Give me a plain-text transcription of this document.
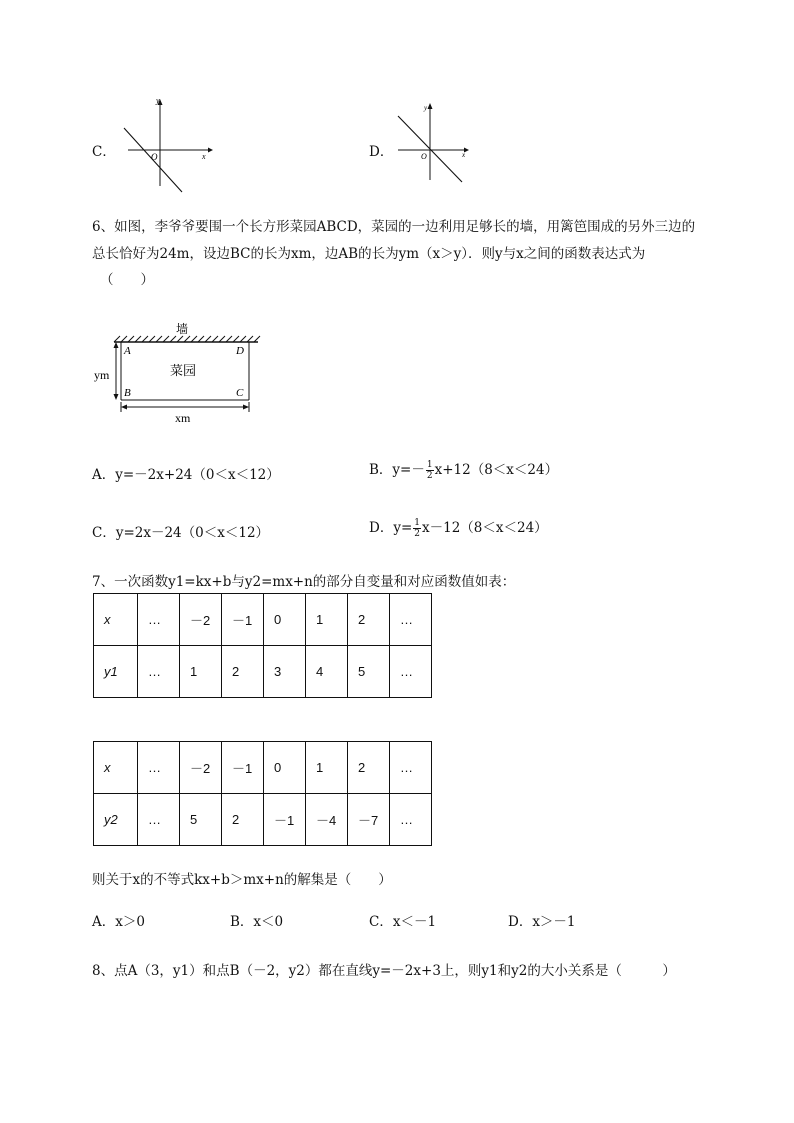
C．
y
x
O	D．
y
x
O
6、如图，李爷爷要围一个长方形菜园ABCD，菜园的一边利用足够长的墙，用篱笆围成的另外三边的
总长恰好为24m，设边BC的长为xm，边AB的长为ym（x＞y）．则y与x之间的函数表达式为
（　　）
墙
菜园
A	D
B	C
ym
xm
A．y=－2x+24（0＜x＜12）	B．$y=- \frac{1}{2} x+12(8<x<24)$
C．y=2x－24（0＜x＜12）	D．$y= \frac{1}{2} x-12(8<x<24)$
7、一次函数y1=kx+b与y2=mx+n的部分自变量和对应函数值如表：
x	…	－2	－1	0	1	2	…
y1	…	1	2	3	4	5	…
x	…	－2	－1	0	1	2	…
y2	…	5	2	－1	－4	－7	…
则关于x的不等式kx+b＞mx+n的解集是（　　）
A．x＞0	B．x＜0	C．x＜－1	D．x＞－1
8、点A（3，y1）和点B（－2，y2）都在直线y=－2x+3上，则y1和y2的大小关系是（　　　）
